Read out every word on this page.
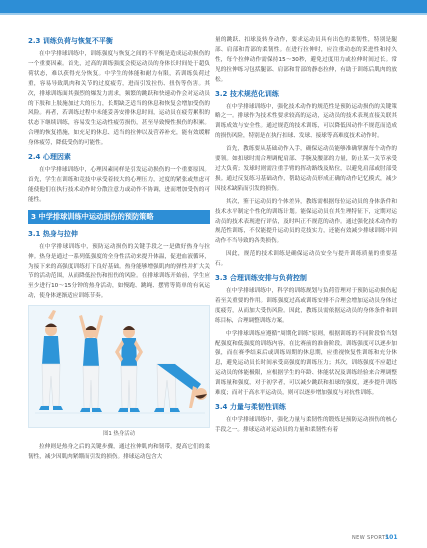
2.3 训练负荷与恢复不平衡

在中学排球训练中，训练强度与恢复之间的不平衡是造成运动损伤的一个重要因素。首先，过高的训练强度会使运动员的身体长时间处于超负荷状态，难以获得充分恢复。中学生的体能和耐力有限，若训练负荷过重，容易导致肌肉和关节的过度疲劳，进而引发拉伤、扭伤等伤害。其次，排球训练面其强烈的爆发力需求，频繁的跳跃和快速动作会对运动员的下肢和上肢施加过大的压力，长期缺乏适当的休息和恢复会增加受伤的风险。再者，若训练过程中未能妥善安排休息时间，运动员在疲劳累积的状态下继续训练，容易发生运动性疲劳损伤，甚至导致慢性损伤的积累。合理的恢复措施，如充足的休息、适当的拉伸以及营养补充，能有效缓解身体疲劳，降低受伤的可能性。

2.4 心理因素

在中学排球训练中，心理因素同样是引发运动损伤的一个重要原因。首先，学生在训练和竞技中承受着较大的心理压力，过度的紧张或焦虑可能使他们在执行技术动作时分散注意力或动作不协调，进而增加受伤的可能性。

3 中学排球训练中运动损伤的预防策略
3.1 热身与拉伸

在中学排球训练中，预防运动损伤的关键手段之一是做好热身与拉伸。热身是通过一系列低强度的全身性活动来提升体温，促进血液循环，为接下来的高强度训练打下良好基础。热身能够增强肌肉的弹性并扩大关节的活动范围，从而降低拉伤和扭伤的风险。在排球训练开始前，学生应至少进行10～15分钟的热身活动，如慢跑、跳绳、摆臂等简单的有氧运动，使身体逐渐适应训练节奏。

图1 热身活动

拉伸则是热身之后的关键步骤，通过拉伸肌肉和韧带，提高它们的柔韧性，减少因肌肉紧绷而引发的损伤。排球运动包含大

量的跳跃、扣球及转身动作，要求运动员具有出色的柔韧性，特别是腿部、肩部和背部的柔韧性。在进行拉伸时，应注重动态的采进性和持久性，每个拉伸动作需保持15～30秒，避免过度用力或拉伸时间过长。常见的拉伸练习包括腿部、肩部和背部的静态拉伸，有助于训练后肌肉的放松。

3.2 技术规范化训练

在中学排球训练中，强化技术动作的规范性是预防运动损伤的关键策略之一。排球作为技术性要求较高的运动，运动员的技术表现直接关联其训练成效与安全性。通过规范的技术训练，可以降低因动作不规范而造成的损伤风险，特别是在执行扣球、发球、接球等高难度技术动作时。

首先，教练要从基础动作入手，确保运动员能够准确掌握每个动作的要领。如扣球时需合理调配肩部、手腕及腰部的力量，防止某一关节承受过大负荷；发球时则需注重手臂的挥动路线及贴位，以避免肩部或肘部受损。通过反复练习基础动作，帮助运动员形成正确的动作记忆模式，减少因技术缺陷而引发的损伤。

其次，鉴于运动员的个体差异，教练需根据每位运动员的身体条件和技术水平制定个性化的训练计划。能保运动员在其生理特征下，定期对运动员的技术表现进行评估，及时纠正不规范的动作。通过强化技术动作的规范性训练，不仅能提升运动员的竞技实力，还能有效减少排球训练中因动作不当导致的各类损伤。

因此，规范的技术训练是确保运动员安全与提升训练质量的重要基石。

3.3 合理训练安排与负荷控制

在中学排球训练中，科学的训练规划与负荷管理对于预防运动损伤起着至关重要的作用。训练强度过高或训练安排不合理会增加运动员身体过度疲劳，从而加大受伤风险。因此，教练员需依据运动员的身体条件和训练目标，合理调整训练方案。

中学排球训练应遵循“周期化训练”原则，根据训练的不同阶段恰当划配强度和低强度的训练内容。在比赛前的准备阶段，训练强度可以逐步加强，而在赛季结束后或训练周期的休息期，应重视恢复性训练和充分休息，避免运动员长时间承受高强度的训练压力；其次，训练强度不应超过运动员的体能极限，应根据学生的年龄、体能状况及训练经验来合理调整训练量和强度，对于初学者，可以减少跳跃和扣球的强度，逐步提升训练难度；而对于高水平运动员，则可以逐步增加强度与对抗性训练。

3.4 力量与柔韧性训练

在中学排球训练中，强化力量与柔韧性的锻炼是预防运动损伤的核心手段之一。排球运动对运动员的力量和柔韧性有着

NEW SPORTS
101
